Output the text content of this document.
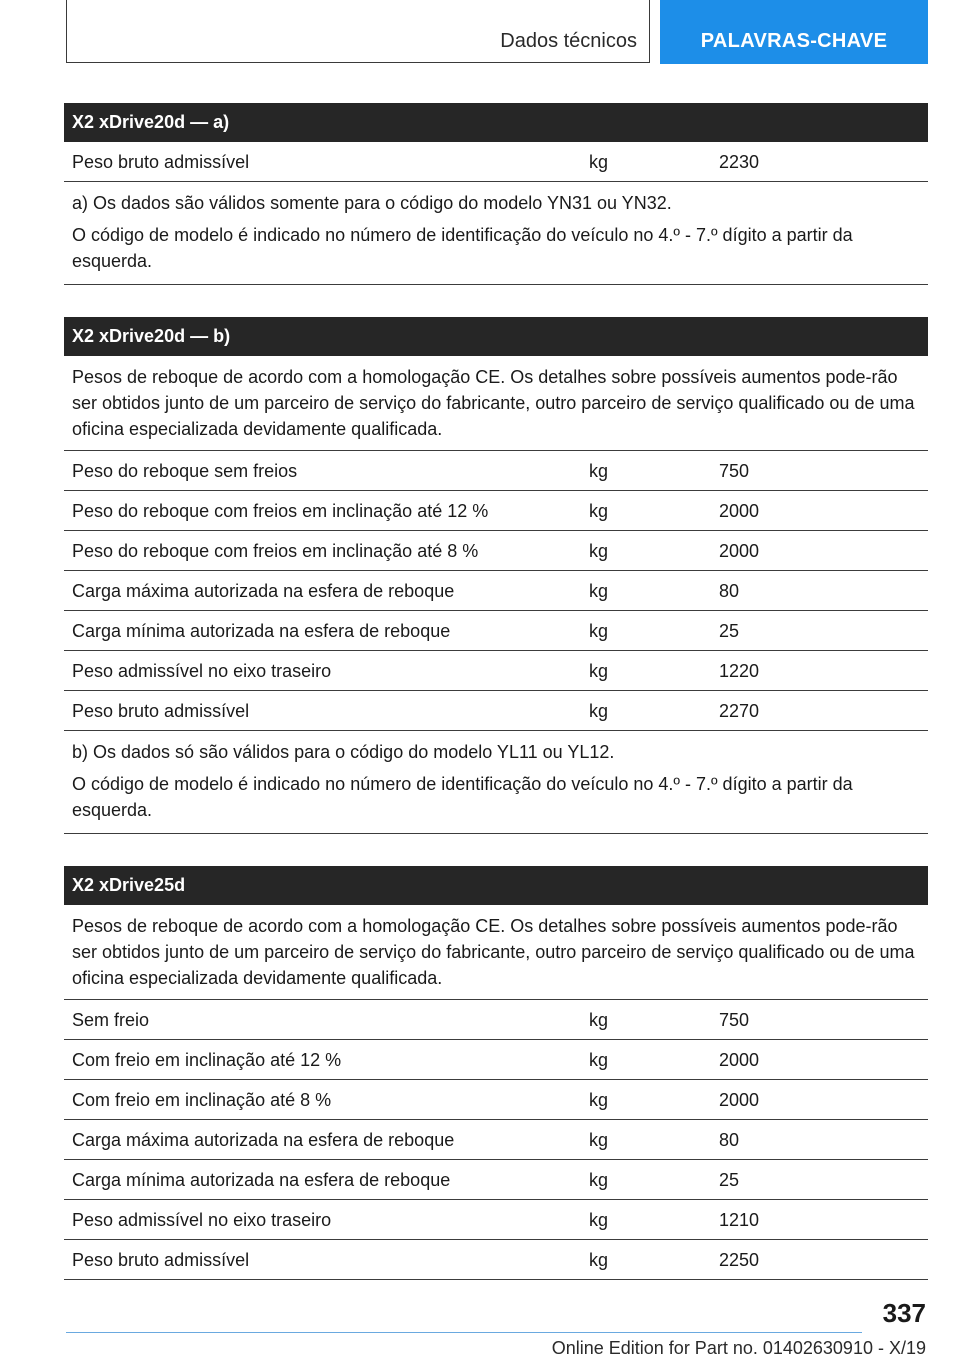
Dados técnicos	PALAVRAS-CHAVE
X2 xDrive20d — a)
Peso bruto admissível	kg	2230

a) Os dados são válidos somente para o código do modelo YN31 ou YN32.

O código de modelo é indicado no número de identificação do veículo no 4.º - 7.º dígito a partir da esquerda.

X2 xDrive20d — b)
Pesos de reboque de acordo com a homologação CE. Os detalhes sobre possíveis aumentos pode-rão ser obtidos junto de um parceiro de serviço do fabricante, outro parceiro de serviço qualificado ou de uma oficina especializada devidamente qualificada.
Peso do reboque sem freios	kg	750
Peso do reboque com freios em inclinação até 12 %	kg	2000
Peso do reboque com freios em inclinação até 8 %	kg	2000
Carga máxima autorizada na esfera de reboque	kg	80
Carga mínima autorizada na esfera de reboque	kg	25
Peso admissível no eixo traseiro	kg	1220
Peso bruto admissível	kg	2270

b) Os dados só são válidos para o código do modelo YL11 ou YL12.

O código de modelo é indicado no número de identificação do veículo no 4.º - 7.º dígito a partir da esquerda.

X2 xDrive25d
Pesos de reboque de acordo com a homologação CE. Os detalhes sobre possíveis aumentos pode-rão ser obtidos junto de um parceiro de serviço do fabricante, outro parceiro de serviço qualificado ou de uma oficina especializada devidamente qualificada.
Sem freio	kg	750
Com freio em inclinação até 12 %	kg	2000
Com freio em inclinação até 8 %	kg	2000
Carga máxima autorizada na esfera de reboque	kg	80
Carga mínima autorizada na esfera de reboque	kg	25
Peso admissível no eixo traseiro	kg	1210
Peso bruto admissível	kg	2250
337
Online Edition for Part no. 01402630910 - X/19
